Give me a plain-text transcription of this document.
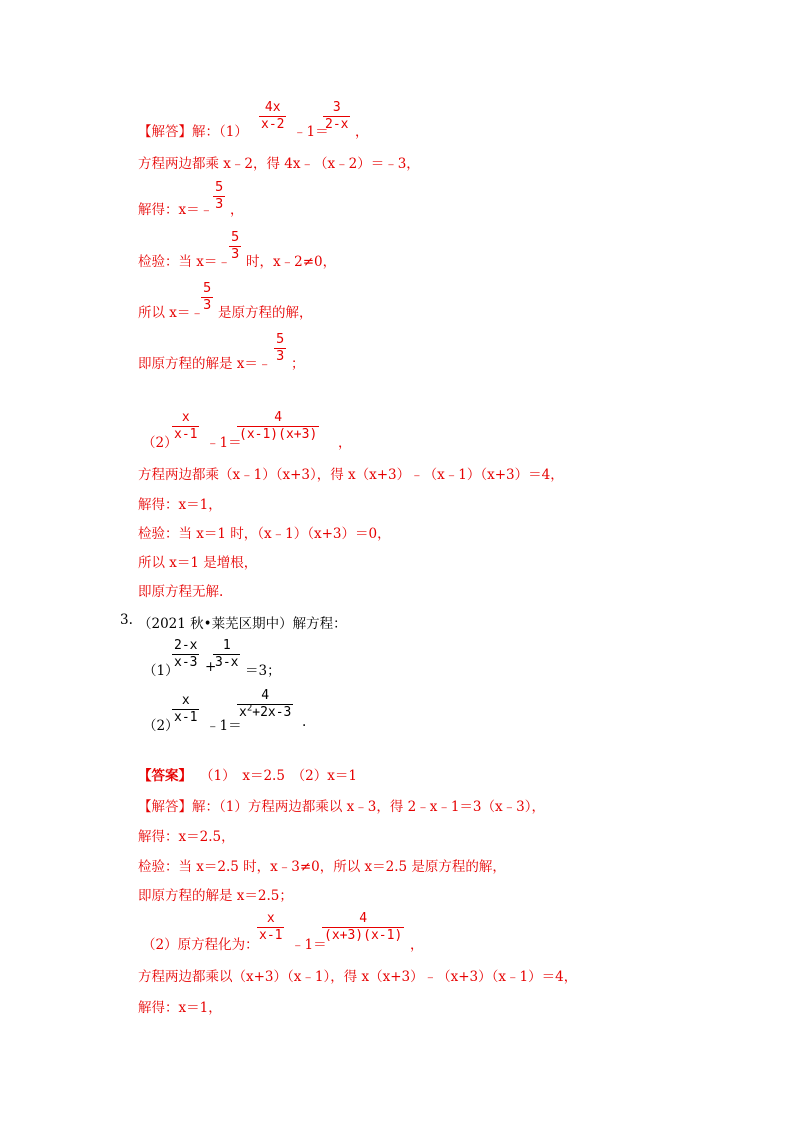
【解答】解：（1）
4x
x-2 ﹣1＝
3
2-x ，
方程两边都乘 x﹣2，得 4x﹣（x﹣2）＝﹣3，
解得：x＝﹣
5
3 ，
检验：当 x＝﹣
5
3 时，x﹣2≠0，
所以 x＝﹣
5
3 是原方程的解，
即原方程的解是 x＝﹣
5
3 ；
（2）
x
x-1
﹣1＝
4
(x-1)(x+3)
，
方程两边都乘（x﹣1）（x+3），得 x（x+3）﹣（x﹣1）（x+3）＝4，
解得：x＝1，
检验：当 x＝1 时，（x﹣1）（x+3）＝0，
所以 x＝1 是增根，
即原方程无解.
3. （2021 秋•莱芜区期中）解方程：
（1）
2-x
x-3 +
1
3-x
＝3；
（2）
x
x-1
﹣1＝
4
$x^2+2x-3$
.
【答案】 （1）　x＝2.5　（2）x＝1
【解答】解：（1）方程两边都乘以 x﹣3，得 2﹣x﹣1＝3（x﹣3），
解得：x＝2.5，
检验：当 x＝2.5 时，x﹣3≠0，所以 x＝2.5 是原方程的解，
即原方程的解是 x＝2.5；
（2）原方程化为：
x
x-1
﹣1＝
4
(x+3)(x-1)
，
方程两边都乘以（x+3）（x﹣1），得 x（x+3）﹣（x+3）（x﹣1）＝4，
解得：x＝1，
